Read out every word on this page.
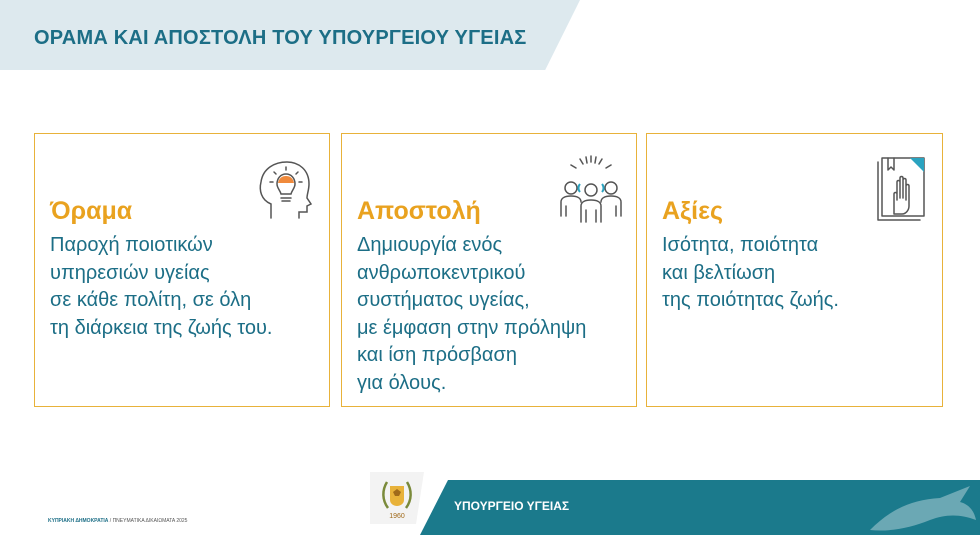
ΟΡΑΜΑ ΚΑΙ ΑΠΟΣΤΟΛΗ ΤΟΥ ΥΠΟΥΡΓΕΙΟΥ ΥΓΕΙΑΣ
Όραμα
Παροχή ποιοτικών
υπηρεσιών υγείας
σε κάθε πολίτη, σε όλη
τη διάρκεια της ζωής του.
Αποστολή
Δημιουργία ενός
ανθρωποκεντρικού
συστήματος υγείας,
με έμφαση στην πρόληψη
και ίση πρόσβαση
για όλους.
Αξίες
Ισότητα, ποιότητα
και βελτίωση
της ποιότητας ζωής.
ΚΥΠΡΙΑΚΗ ΔΗΜΟΚΡΑΤΙΑ / ΠΝΕΥΜΑΤΙΚΑ ΔΙΚΑΙΩΜΑΤΑ 2025
1960
ΥΠΟΥΡΓΕΙΟ ΥΓΕΙΑΣ
